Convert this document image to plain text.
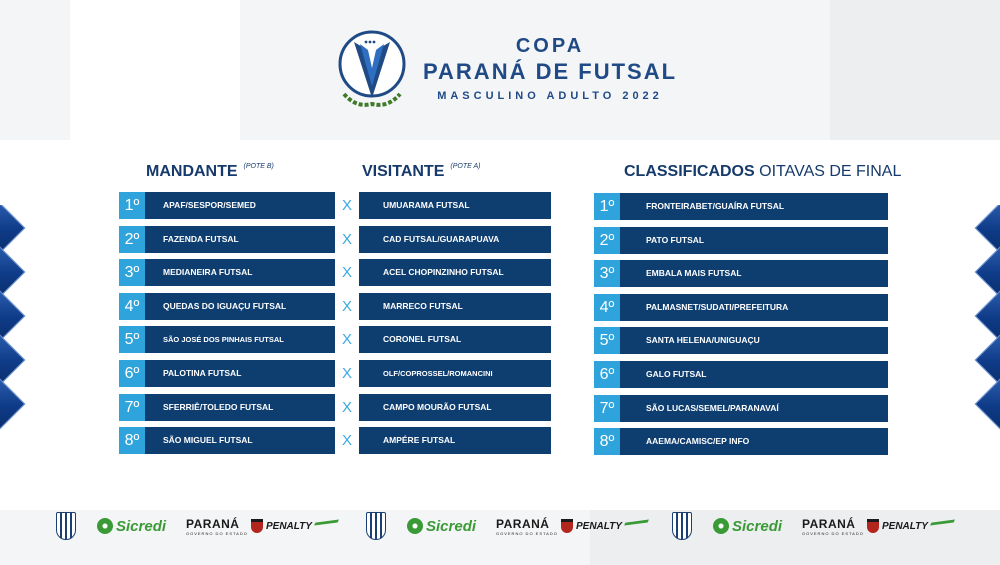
COPA
PARANÁ DE FUTSAL
MASCULINO ADULTO 2022
MANDANTE $^{(POTE B)}$	VISITANTE $^{(POTE A)}$	CLASSIFICADOS OITAVAS DE FINAL
1º	APAF/SESPOR/SEMED	X	UMUARAMA FUTSAL
2º	FAZENDA FUTSAL	X	CAD FUTSAL/GUARAPUAVA
3º	MEDIANEIRA FUTSAL	X	ACEL CHOPINZINHO FUTSAL
4º	QUEDAS DO IGUAÇU FUTSAL	X	MARRECO FUTSAL
5º	SÃO JOSÉ DOS PINHAIS FUTSAL	X	CORONEL FUTSAL
6º	PALOTINA FUTSAL	X	OLF/COPROSSEL/ROMANCINI
7º	SFERRIÊ/TOLEDO FUTSAL	X	CAMPO MOURÃO FUTSAL
8º	SÃO MIGUEL FUTSAL	X	AMPÉRE FUTSAL
1º	FRONTEIRABET/GUAÍRA FUTSAL
2º	PATO FUTSAL
3º	EMBALA MAIS FUTSAL
4º	PALMASNET/SUDATI/PREFEITURA
5º	SANTA HELENA/UNIGUAÇU
6º	GALO FUTSAL
7º	SÃO LUCAS/SEMEL/PARANAVAÍ
8º	AAEMA/CAMISC/EP INFO
Sicredi PARANÁ
GOVERNO DO ESTADO
PENALTY	Sicredi PARANÁ
GOVERNO DO ESTADO
PENALTY	Sicredi PARANÁ
GOVERNO DO ESTADO
PENALTY
